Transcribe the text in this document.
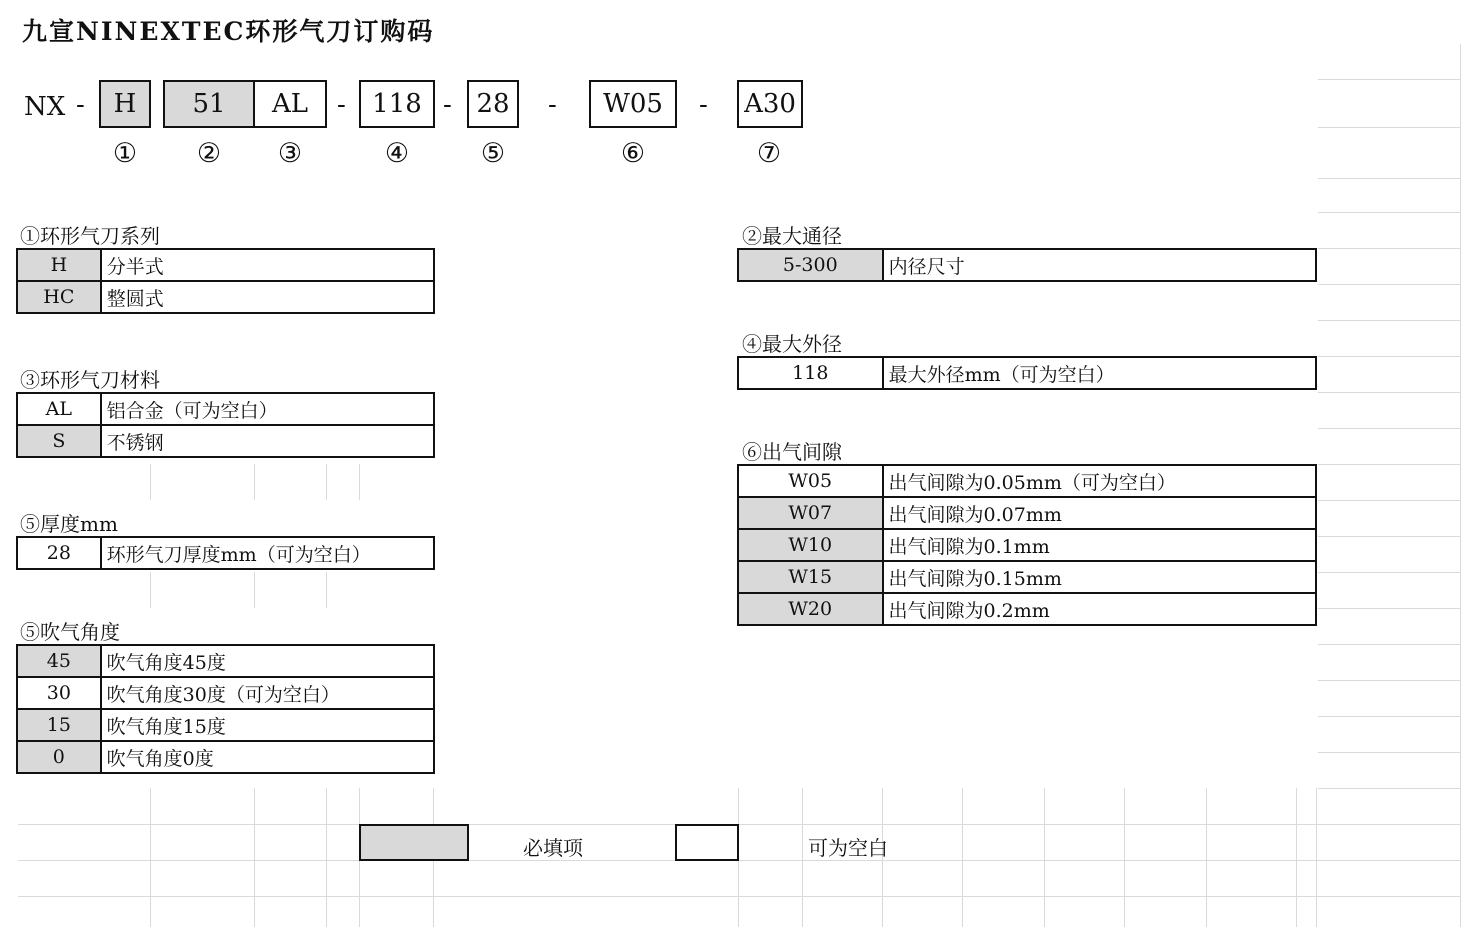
九宣NINEXTEC环形气刀订购码
NX -	H	51	AL	-	118 - 28	-	W05	- A30
① ② ③	④	⑤	⑥	⑦
①环形气刀系列
H	分半式
HC	整圆式
③环形气刀材料
AL	铝合金（可为空白）
S	不锈钢
⑤厚度mm
28	环形气刀厚度mm（可为空白）
⑤吹气角度
45	吹气角度45度
30	吹气角度30度（可为空白）
15	吹气角度15度
0	吹气角度0度
②最大通径
5-300	内径尺寸
④最大外径
118	最大外径mm（可为空白）
⑥出气间隙
W05	出气间隙为0.05mm（可为空白）
W07	出气间隙为0.07mm
W10	出气间隙为0.1mm
W15	出气间隙为0.15mm
W20	出气间隙为0.2mm
必填项	可为空白
